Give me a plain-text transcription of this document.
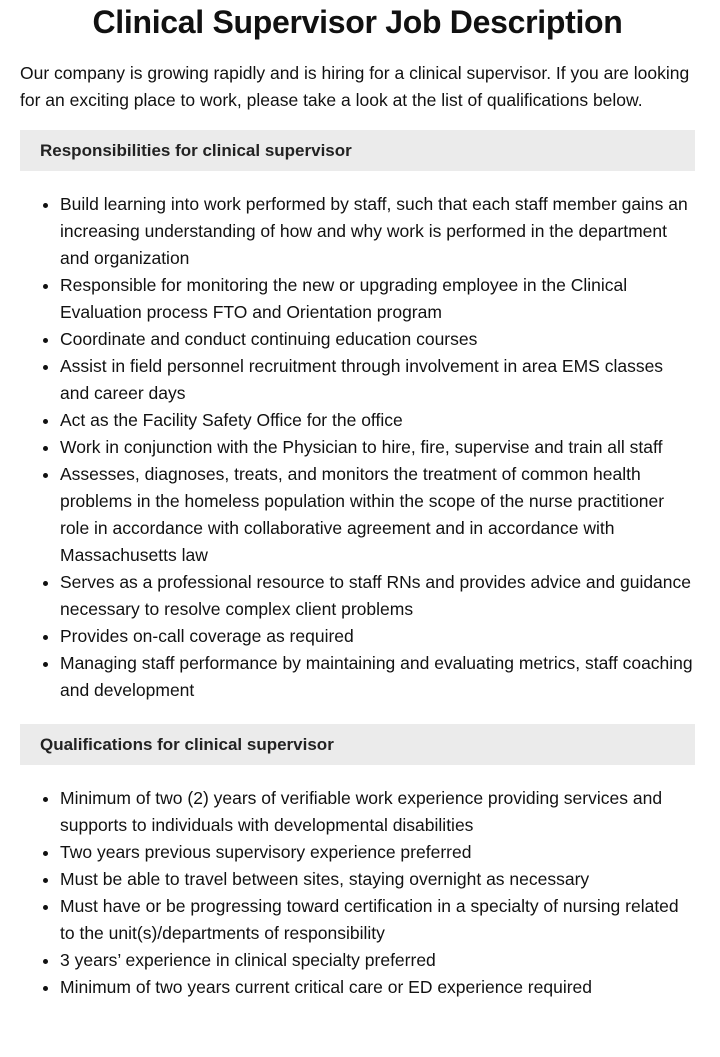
Clinical Supervisor Job Description

Our company is growing rapidly and is hiring for a clinical supervisor. If you are looking for an exciting place to work, please take a look at the list of qualifications below.

Responsibilities for clinical supervisor
• Build learning into work performed by staff, such that each staff member gains an increasing understanding of how and why work is performed in the department and organization
• Responsible for monitoring the new or upgrading employee in the Clinical Evaluation process FTO and Orientation program
• Coordinate and conduct continuing education courses
• Assist in field personnel recruitment through involvement in area EMS classes and career days
• Act as the Facility Safety Office for the office
• Work in conjunction with the Physician to hire, fire, supervise and train all staff
• Assesses, diagnoses, treats, and monitors the treatment of common health problems in the homeless population within the scope of the nurse practitioner role in accordance with collaborative agreement and in accordance with Massachusetts law
• Serves as a professional resource to staff RNs and provides advice and guidance necessary to resolve complex client problems
• Provides on-call coverage as required
• Managing staff performance by maintaining and evaluating metrics, staff coaching and development
Qualifications for clinical supervisor
• Minimum of two (2) years of verifiable work experience providing services and supports to individuals with developmental disabilities
• Two years previous supervisory experience preferred
• Must be able to travel between sites, staying overnight as necessary
• Must have or be progressing toward certification in a specialty of nursing related to the unit(s)/departments of responsibility
• 3 years’ experience in clinical specialty preferred
• Minimum of two years current critical care or ED experience required
